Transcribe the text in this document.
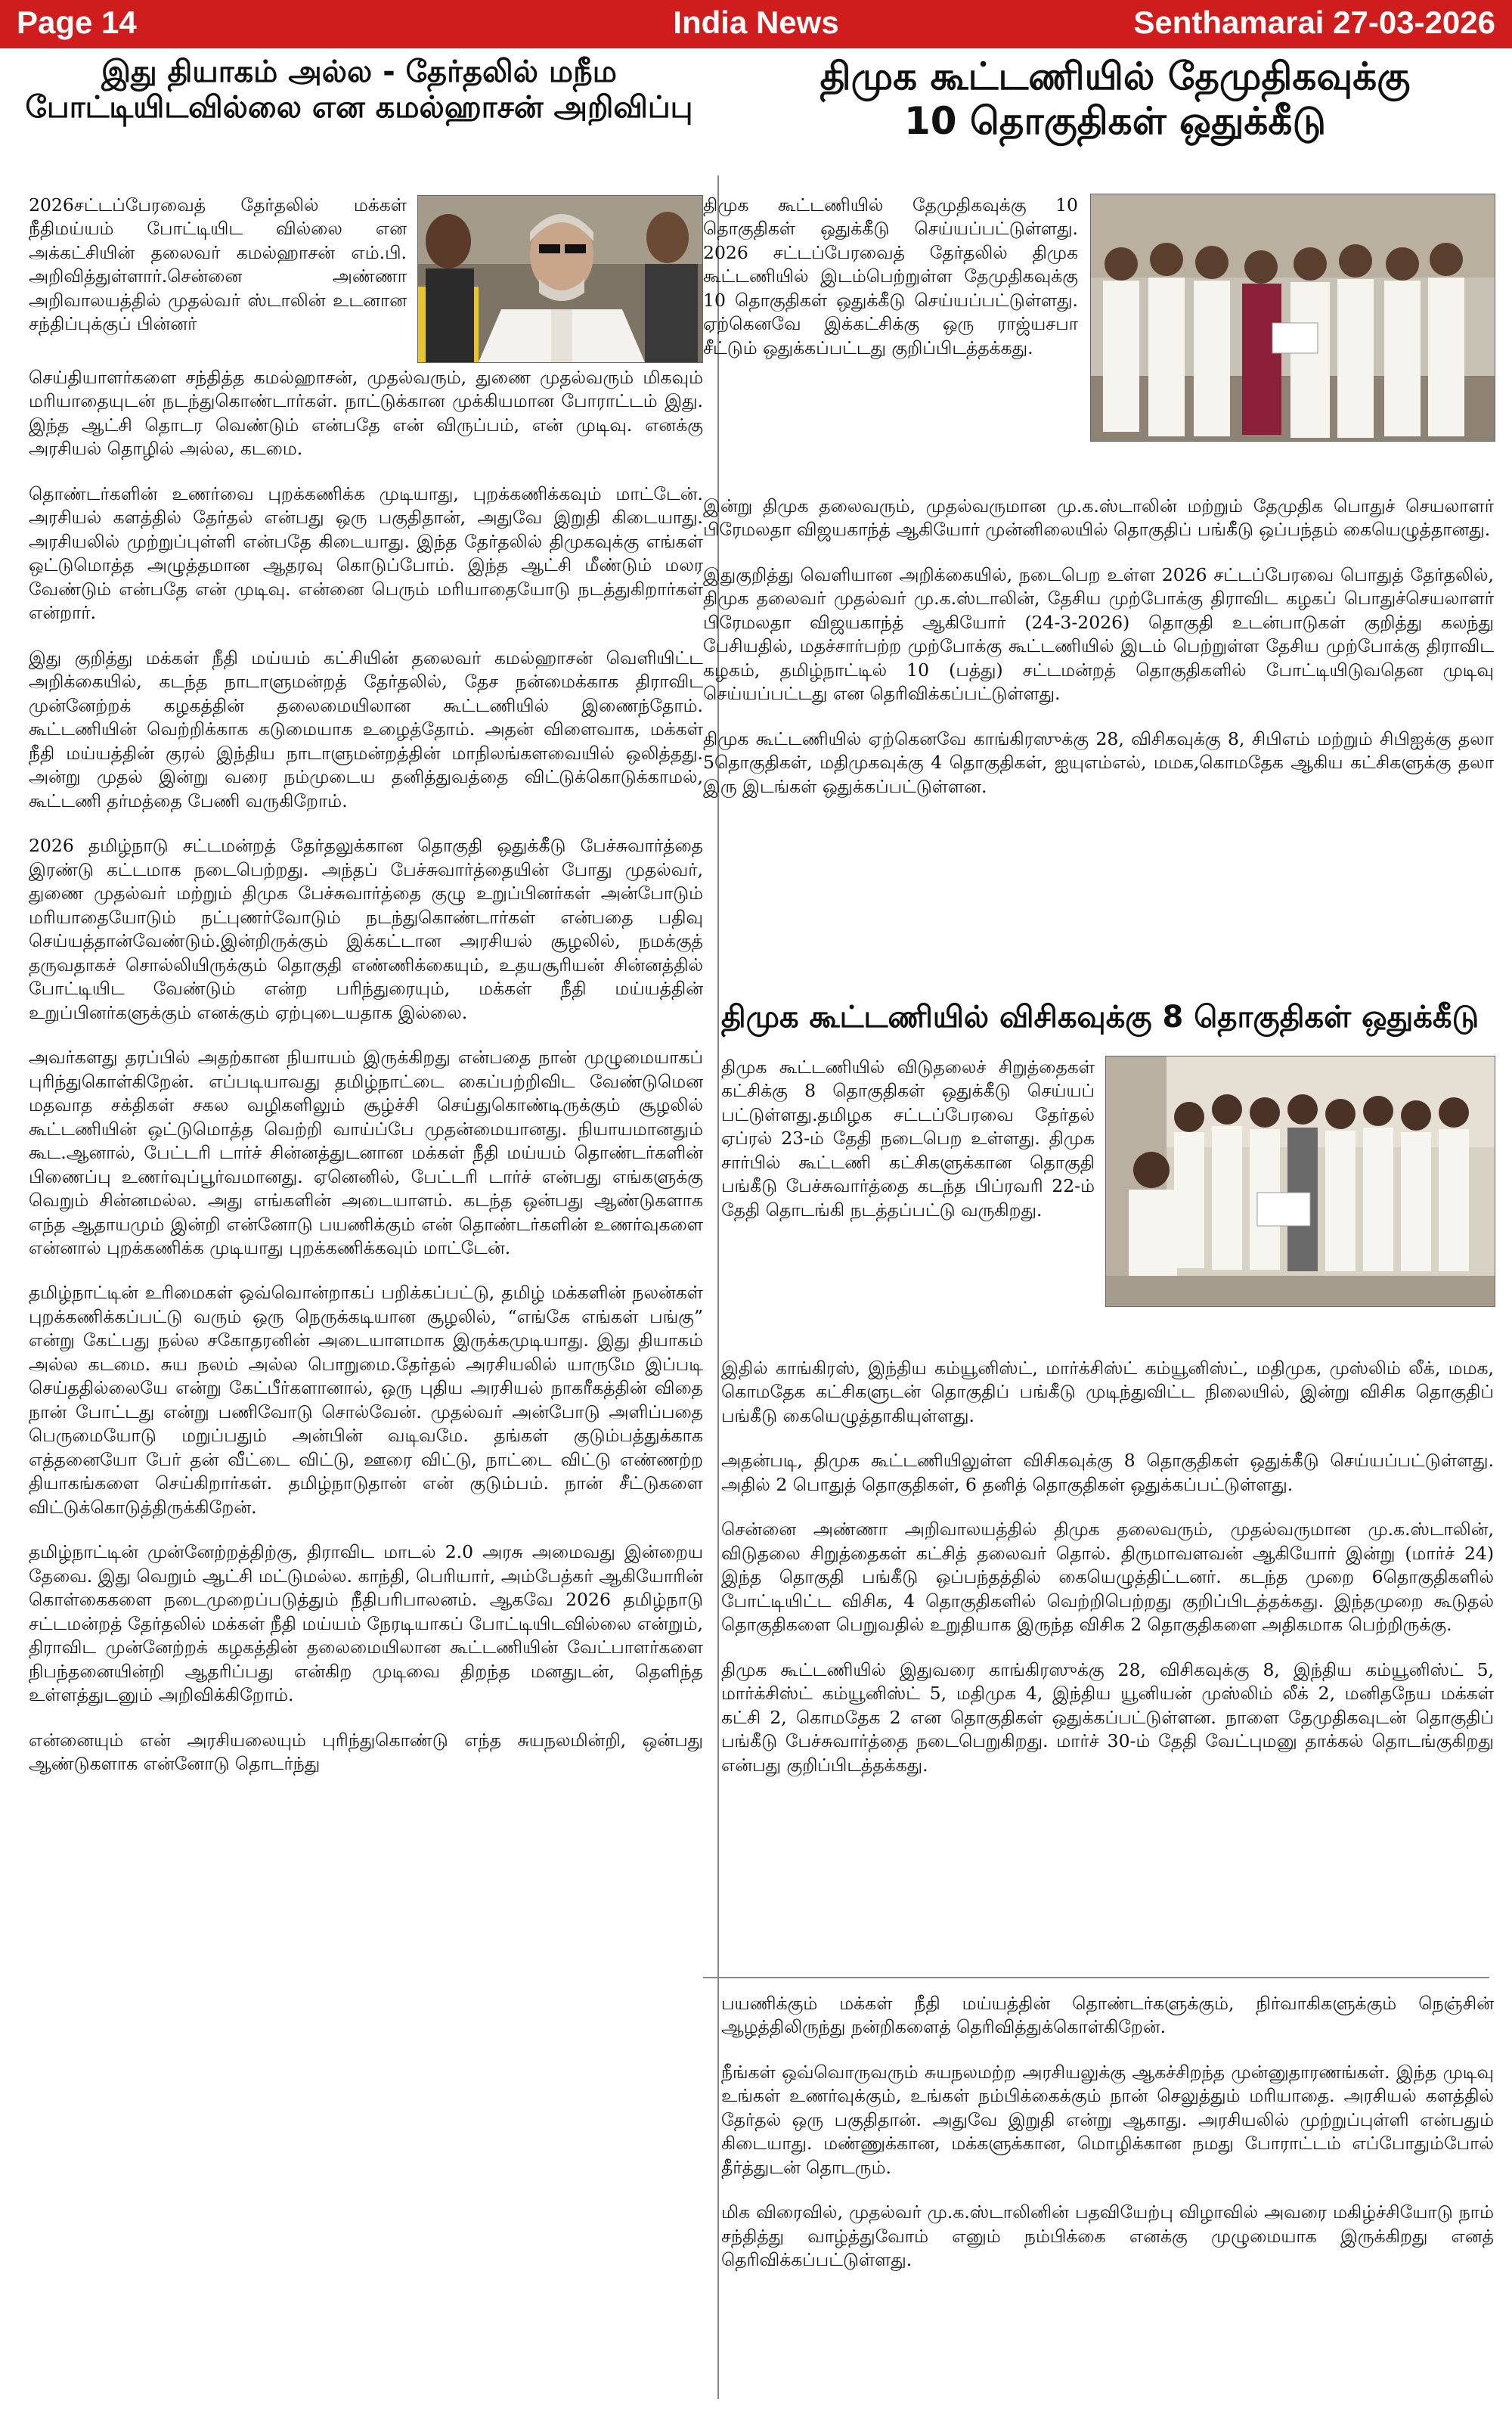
Page 14	India News	Senthamarai 27-03-2026
இது தியாகம் அல்ல - தேர்தலில் மநீம
போட்டியிடவில்லை என கமல்ஹாசன் அறிவிப்பு

2026சட்டப்பேரவைத் தேர்தலில் மக்கள் நீதிமய்யம் போட்டியிட வில்லை என அக்கட்சியின் தலைவர் கமல்ஹாசன் எம்.பி. அறிவித்துள்ளார்.சென்னை அண்ணா அறிவாலயத்தில் முதல்வர் ஸ்டாலின் உடனான சந்திப்புக்குப் பின்னர்

செய்தியாளர்களை சந்தித்த கமல்ஹாசன், முதல்வரும், துணை முதல்வரும் மிகவும் மரியாதையுடன் நடந்துகொண்டார்கள். நாட்டுக்கான முக்கியமான போராட்டம் இது. இந்த ஆட்சி தொடர வெண்டும் என்பதே என் விருப்பம், என் முடிவு. எனக்கு அரசியல் தொழில் அல்ல, கடமை.

தொண்டர்களின் உணர்வை புறக்கணிக்க முடியாது, புறக்கணிக்கவும் மாட்டேன். அரசியல் களத்தில் தேர்தல் என்பது ஒரு பகுதிதான், அதுவே இறுதி கிடையாது. அரசியலில் முற்றுப்புள்ளி என்பதே கிடையாது. இந்த தேர்தலில் திமுகவுக்கு எங்கள் ஒட்டுமொத்த அழுத்தமான ஆதரவு கொடுப்போம். இந்த ஆட்சி மீண்டும் மலர வேண்டும் என்பதே என் முடிவு. என்னை பெரும் மரியாதையோடு நடத்துகிறார்கள் என்றார்.

இது குறித்து மக்கள் நீதி மய்யம் கட்சியின் தலைவர் கமல்ஹாசன் வெளியிட்ட அறிக்கையில், கடந்த நாடாளுமன்றத் தேர்தலில், தேச நன்மைக்காக திராவிட முன்னேற்றக் கழகத்தின் தலைமையிலான கூட்டணியில் இணைந்தோம். கூட்டணியின் வெற்றிக்காக கடுமையாக உழைத்தோம். அதன் விளைவாக, மக்கள் நீதி மய்யத்தின் குரல் இந்திய நாடாளுமன்றத்தின் மாநிலங்களவையில் ஒலித்தது. அன்று முதல் இன்று வரை நம்முடைய தனித்துவத்தை விட்டுக்கொடுக்காமல், கூட்டணி தர்மத்தை பேணி வருகிறோம்.

2026 தமிழ்நாடு சட்டமன்றத் தேர்தலுக்கான தொகுதி ஒதுக்கீடு பேச்சுவார்த்தை இரண்டு கட்டமாக நடைபெற்றது. அந்தப் பேச்சுவார்த்தையின் போது முதல்வர், துணை முதல்வர் மற்றும் திமுக பேச்சுவார்த்தை குழு உறுப்பினர்கள் அன்போடும் மரியாதையோடும் நட்புணர்வோடும் நடந்துகொண்டார்கள் என்பதை பதிவு செய்யத்தான்வேண்டும்.இன்றிருக்கும் இக்கட்டான அரசியல் சூழலில், நமக்குத் தருவதாகச் சொல்லியிருக்கும் தொகுதி எண்ணிக்கையும், உதயசூரியன் சின்னத்தில் போட்டியிட வேண்டும் என்ற பரிந்துரையும், மக்கள் நீதி மய்யத்தின் உறுப்பினர்களுக்கும் எனக்கும் ஏற்புடையதாக இல்லை.

அவர்களது தரப்பில் அதற்கான நியாயம் இருக்கிறது என்பதை நான் முழுமையாகப் புரிந்துகொள்கிறேன். எப்படியாவது தமிழ்நாட்டை கைப்பற்றிவிட வேண்டுமென மதவாத சக்திகள் சகல வழிகளிலும் சூழ்ச்சி செய்துகொண்டிருக்கும் சூழலில் கூட்டணியின் ஒட்டுமொத்த வெற்றி வாய்ப்பே முதன்மையானது. நியாயமானதும் கூட.ஆனால், பேட்டரி டார்ச் சின்னத்துடனான மக்கள் நீதி மய்யம் தொண்டர்களின் பிணைப்பு உணர்வுப்பூர்வமானது. ஏனெனில், பேட்டரி டார்ச் என்பது எங்களுக்கு வெறும் சின்னமல்ல. அது எங்களின் அடையாளம். கடந்த ஒன்பது ஆண்டுகளாக எந்த ஆதாயமும் இன்றி என்னோடு பயணிக்கும் என் தொண்டர்களின் உணர்வுகளை என்னால் புறக்கணிக்க முடியாது புறக்கணிக்கவும் மாட்டேன்.

தமிழ்நாட்டின் உரிமைகள் ஒவ்வொன்றாகப் பறிக்கப்பட்டு, தமிழ் மக்களின் நலன்கள் புறக்கணிக்கப்பட்டு வரும் ஒரு நெருக்கடியான சூழலில், “எங்கே எங்கள் பங்கு” என்று கேட்பது நல்ல சகோதரனின் அடையாளமாக இருக்கமுடியாது. இது தியாகம் அல்ல கடமை. சுய நலம் அல்ல பொறுமை.தேர்தல் அரசியலில் யாருமே இப்படி செய்ததில்லையே என்று கேட்பீர்களானால், ஒரு புதிய அரசியல் நாகரீகத்தின் விதை நான் போட்டது என்று பணிவோடு சொல்வேன். முதல்வர் அன்போடு அளிப்பதை பெருமையோடு மறுப்பதும் அன்பின் வடிவமே. தங்கள் குடும்பத்துக்காக எத்தனையோ பேர் தன் வீட்டை விட்டு, ஊரை விட்டு, நாட்டை விட்டு எண்ணற்ற தியாகங்களை செய்கிறார்கள். தமிழ்நாடுதான் என் குடும்பம். நான் சீட்டுகளை விட்டுக்கொடுத்திருக்கிறேன்.

தமிழ்நாட்டின் முன்னேற்றத்திற்கு, திராவிட மாடல் 2.0 அரசு அமைவது இன்றைய தேவை. இது வெறும் ஆட்சி மட்டுமல்ல. காந்தி, பெரியார், அம்பேத்கர் ஆகியோரின் கொள்கைகளை நடைமுறைப்படுத்தும் நீதிபரிபாலனம். ஆகவே 2026 தமிழ்நாடு சட்டமன்றத் தேர்தலில் மக்கள் நீதி மய்யம் நேரடியாகப் போட்டியிடவில்லை என்றும், திராவிட முன்னேற்றக் கழகத்தின் தலைமையிலான கூட்டணியின் வேட்பாளர்களை நிபந்தனையின்றி ஆதரிப்பது என்கிற முடிவை திறந்த மனதுடன், தெளிந்த உள்ளத்துடனும் அறிவிக்கிறோம்.

என்னையும் என் அரசியலையும் புரிந்துகொண்டு எந்த சுயநலமின்றி, ஒன்பது ஆண்டுகளாக என்னோடு தொடர்ந்து

திமுக கூட்டணியில் தேமுதிகவுக்கு
10 தொகுதிகள் ஒதுக்கீடு

திமுக கூட்டணியில் தேமுதிகவுக்கு 10 தொகுதிகள் ஒதுக்கீடு செய்யப்பட்டுள்ளது. 2026 சட்டப்பேரவைத் தேர்தலில் திமுக கூட்டணியில் இடம்பெற்றுள்ள தேமுதிகவுக்கு 10 தொகுதிகள் ஒதுக்கீடு செய்யப்பட்டுள்ளது. ஏற்கெனவே இக்கட்சிக்கு ஒரு ராஜ்யசபா சீட்டும் ஒதுக்கப்பட்டது குறிப்பிடத்தக்கது.

இன்று திமுக தலைவரும், முதல்வருமான மு.க.ஸ்டாலின் மற்றும் தேமுதிக பொதுச் செயலாளர் பிரேமலதா விஜயகாந்த் ஆகியோர் முன்னிலையில் தொகுதிப் பங்கீடு ஒப்பந்தம் கையெழுத்தானது.

இதுகுறித்து வெளியான அறிக்கையில், நடைபெற உள்ள 2026 சட்டப்பேரவை பொதுத் தேர்தலில், திமுக தலைவர் முதல்வர் மு.க.ஸ்டாலின், தேசிய முற்போக்கு திராவிட கழகப் பொதுச்செயலாளர் பிரேமலதா விஜயகாந்த் ஆகியோர் (24-3-2026) தொகுதி உடன்பாடுகள் குறித்து கலந்து பேசியதில், மதச்சார்பற்ற முற்போக்கு கூட்டணியில் இடம் பெற்றுள்ள தேசிய முற்போக்கு திராவிட கழகம், தமிழ்நாட்டில் 10 (பத்து) சட்டமன்றத் தொகுதிகளில் போட்டியிடுவதென முடிவு செய்யப்பட்டது என தெரிவிக்கப்பட்டுள்ளது.

திமுக கூட்டணியில் ஏற்கெனவே காங்கிரஸுக்கு 28, விசிகவுக்கு 8, சிபிஎம் மற்றும் சிபிஐக்கு தலா 5தொகுதிகள், மதிமுகவுக்கு 4 தொகுதிகள், ஐயுஎம்எல், மமக,கொமதேக ஆகிய கட்சிகளுக்கு தலா இரு இடங்கள் ஒதுக்கப்பட்டுள்ளன.

திமுக கூட்டணியில் விசிகவுக்கு 8 தொகுதிகள் ஒதுக்கீடு

திமுக கூட்டணியில் விடுதலைச் சிறுத்தைகள் கட்சிக்கு 8 தொகுதிகள் ஒதுக்கீடு செய்யப் பட்டுள்ளது.தமிழக சட்டப்பேரவை தேர்தல் ஏப்ரல் 23-ம் தேதி நடைபெற உள்ளது. திமுக சார்பில் கூட்டணி கட்சிகளுக்கான தொகுதி பங்கீடு பேச்சுவார்த்தை கடந்த பிப்ரவரி 22-ம் தேதி தொடங்கி நடத்தப்பட்டு வருகிறது.

இதில் காங்கிரஸ், இந்திய கம்யூனிஸ்ட், மார்க்சிஸ்ட் கம்யூனிஸ்ட், மதிமுக, முஸ்லிம் லீக், மமக, கொமதேக கட்சிகளுடன் தொகுதிப் பங்கீடு முடிந்துவிட்ட நிலையில், இன்று விசிக தொகுதிப் பங்கீடு கையெழுத்தாகியுள்ளது.

அதன்படி, திமுக கூட்டணியிலுள்ள விசிகவுக்கு 8 தொகுதிகள் ஒதுக்கீடு செய்யப்பட்டுள்ளது. அதில் 2 பொதுத் தொகுதிகள், 6 தனித் தொகுதிகள் ஒதுக்கப்பட்டுள்ளது.

சென்னை அண்ணா அறிவாலயத்தில் திமுக தலைவரும், முதல்வருமான மு.க.ஸ்டாலின், விடுதலை சிறுத்தைகள் கட்சித் தலைவர் தொல். திருமாவளவன் ஆகியோர் இன்று (மார்ச் 24) இந்த தொகுதி பங்கீடு ஒப்பந்தத்தில் கையெழுத்திட்டனர். கடந்த முறை 6தொகுதிகளில் போட்டியிட்ட விசிக, 4 தொகுதிகளில் வெற்றிபெற்றது குறிப்பிடத்தக்கது. இந்தமுறை கூடுதல் தொகுதிகளை பெறுவதில் உறுதியாக இருந்த விசிக 2 தொகுதிகளை அதிகமாக பெற்றிருக்கு.

திமுக கூட்டணியில் இதுவரை காங்கிரஸுக்கு 28, விசிகவுக்கு 8, இந்திய கம்யூனிஸ்ட் 5, மார்க்சிஸ்ட் கம்யூனிஸ்ட் 5, மதிமுக 4, இந்திய யூனியன் முஸ்லிம் லீக் 2, மனிதநேய மக்கள் கட்சி 2, கொமதேக 2 என தொகுதிகள் ஒதுக்கப்பட்டுள்ளன. நாளை தேமுதிகவுடன் தொகுதிப் பங்கீடு பேச்சுவார்த்தை நடைபெறுகிறது. மார்ச் 30-ம் தேதி வேட்புமனு தாக்கல் தொடங்குகிறது என்பது குறிப்பிடத்தக்கது.

பயணிக்கும் மக்கள் நீதி மய்யத்தின் தொண்டர்களுக்கும், நிர்வாகிகளுக்கும் நெஞ்சின் ஆழத்திலிருந்து நன்றிகளைத் தெரிவித்துக்கொள்கிறேன்.

நீங்கள் ஒவ்வொருவரும் சுயநலமற்ற அரசியலுக்கு ஆகச்சிறந்த முன்னுதாரணங்கள். இந்த முடிவு உங்கள் உணர்வுக்கும், உங்கள் நம்பிக்கைக்கும் நான் செலுத்தும் மரியாதை. அரசியல் களத்தில் தேர்தல் ஒரு பகுதிதான். அதுவே இறுதி என்று ஆகாது. அரசியலில் முற்றுப்புள்ளி என்பதும் கிடையாது. மண்ணுக்கான, மக்களுக்கான, மொழிக்கான நமது போராட்டம் எப்போதும்போல் தீர்த்துடன் தொடரும்.

மிக விரைவில், முதல்வர் மு.க.ஸ்டாலினின் பதவியேற்பு விழாவில் அவரை மகிழ்ச்சியோடு நாம் சந்தித்து வாழ்த்துவோம் எனும் நம்பிக்கை எனக்கு முழுமையாக இருக்கிறது எனத் தெரிவிக்கப்பட்டுள்ளது.
